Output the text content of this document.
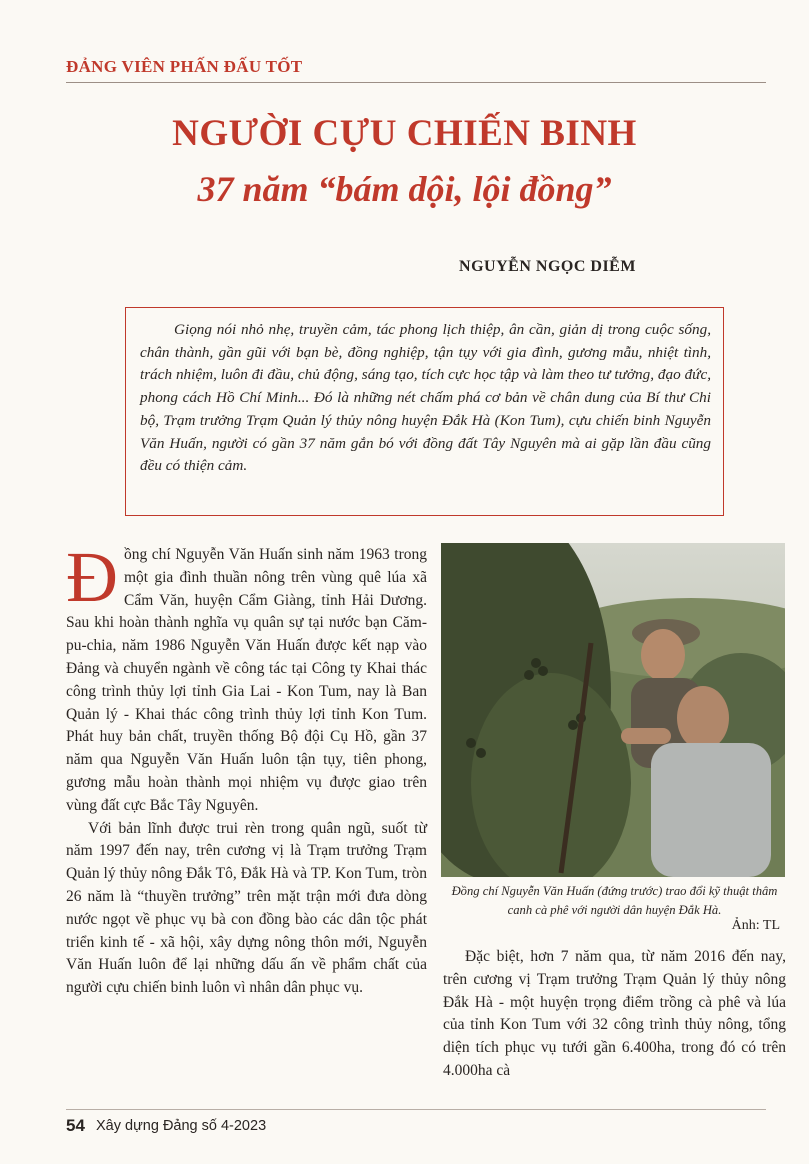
ĐẢNG VIÊN PHẤN ĐẤU TỐT
NGƯỜI CỰU CHIẾN BINH
37 năm “bám dội, lội đồng”
NGUYỄN NGỌC DIỄM
Giọng nói nhỏ nhẹ, truyền cảm, tác phong lịch thiệp, ân cần, giản dị trong cuộc sống, chân thành, gần gũi với bạn bè, đồng nghiệp, tận tụy với gia đình, gương mẫu, nhiệt tình, trách nhiệm, luôn đi đầu, chủ động, sáng tạo, tích cực học tập và làm theo tư tưởng, đạo đức, phong cách Hồ Chí Minh... Đó là những nét chấm phá cơ bản về chân dung của Bí thư Chi bộ, Trạm trưởng Trạm Quản lý thủy nông huyện Đắk Hà (Kon Tum), cựu chiến binh Nguyễn Văn Huấn, người có gần 37 năm gắn bó với đồng đất Tây Nguyên mà ai gặp lần đầu cũng đều có thiện cảm.

Đồng chí Nguyễn Văn Huấn sinh năm 1963 trong một gia đình thuần nông trên vùng quê lúa xã Cẩm Văn, huyện Cẩm Giàng, tỉnh Hải Dương. Sau khi hoàn thành nghĩa vụ quân sự tại nước bạn Căm-pu-chia, năm 1986 Nguyễn Văn Huấn được kết nạp vào Đảng và chuyển ngành về công tác tại Công ty Khai thác công trình thủy lợi tỉnh Gia Lai - Kon Tum, nay là Ban Quản lý - Khai thác công trình thủy lợi tỉnh Kon Tum. Phát huy bản chất, truyền thống Bộ đội Cụ Hồ, gần 37 năm qua Nguyễn Văn Huấn luôn tận tụy, tiên phong, gương mẫu hoàn thành mọi nhiệm vụ được giao trên vùng đất cực Bắc Tây Nguyên.

Với bản lĩnh được trui rèn trong quân ngũ, suốt từ năm 1997 đến nay, trên cương vị là Trạm trưởng Trạm Quản lý thủy nông Đắk Tô, Đắk Hà và TP. Kon Tum, tròn 26 năm là “thuyền trưởng” trên mặt trận mới đưa dòng nước ngọt về phục vụ bà con đồng bào các dân tộc phát triển kinh tế - xã hội, xây dựng nông thôn mới, Nguyễn Văn Huấn luôn để lại những dấu ấn về phẩm chất của người cựu chiến binh luôn vì nhân dân phục vụ.

Đồng chí Nguyễn Văn Huấn (đứng trước) trao đổi kỹ thuật thâm canh cà phê với người dân huyện Đắk Hà.
Ảnh: TL
Đặc biệt, hơn 7 năm qua, từ năm 2016 đến nay, trên cương vị Trạm trưởng Trạm Quản lý thủy nông Đắk Hà - một huyện trọng điểm trồng cà phê và lúa của tỉnh Kon Tum với 32 công trình thủy nông, tổng diện tích phục vụ tưới gần 6.400ha, trong đó có trên 4.000ha cà
54 Xây dựng Đảng số 4-2023
